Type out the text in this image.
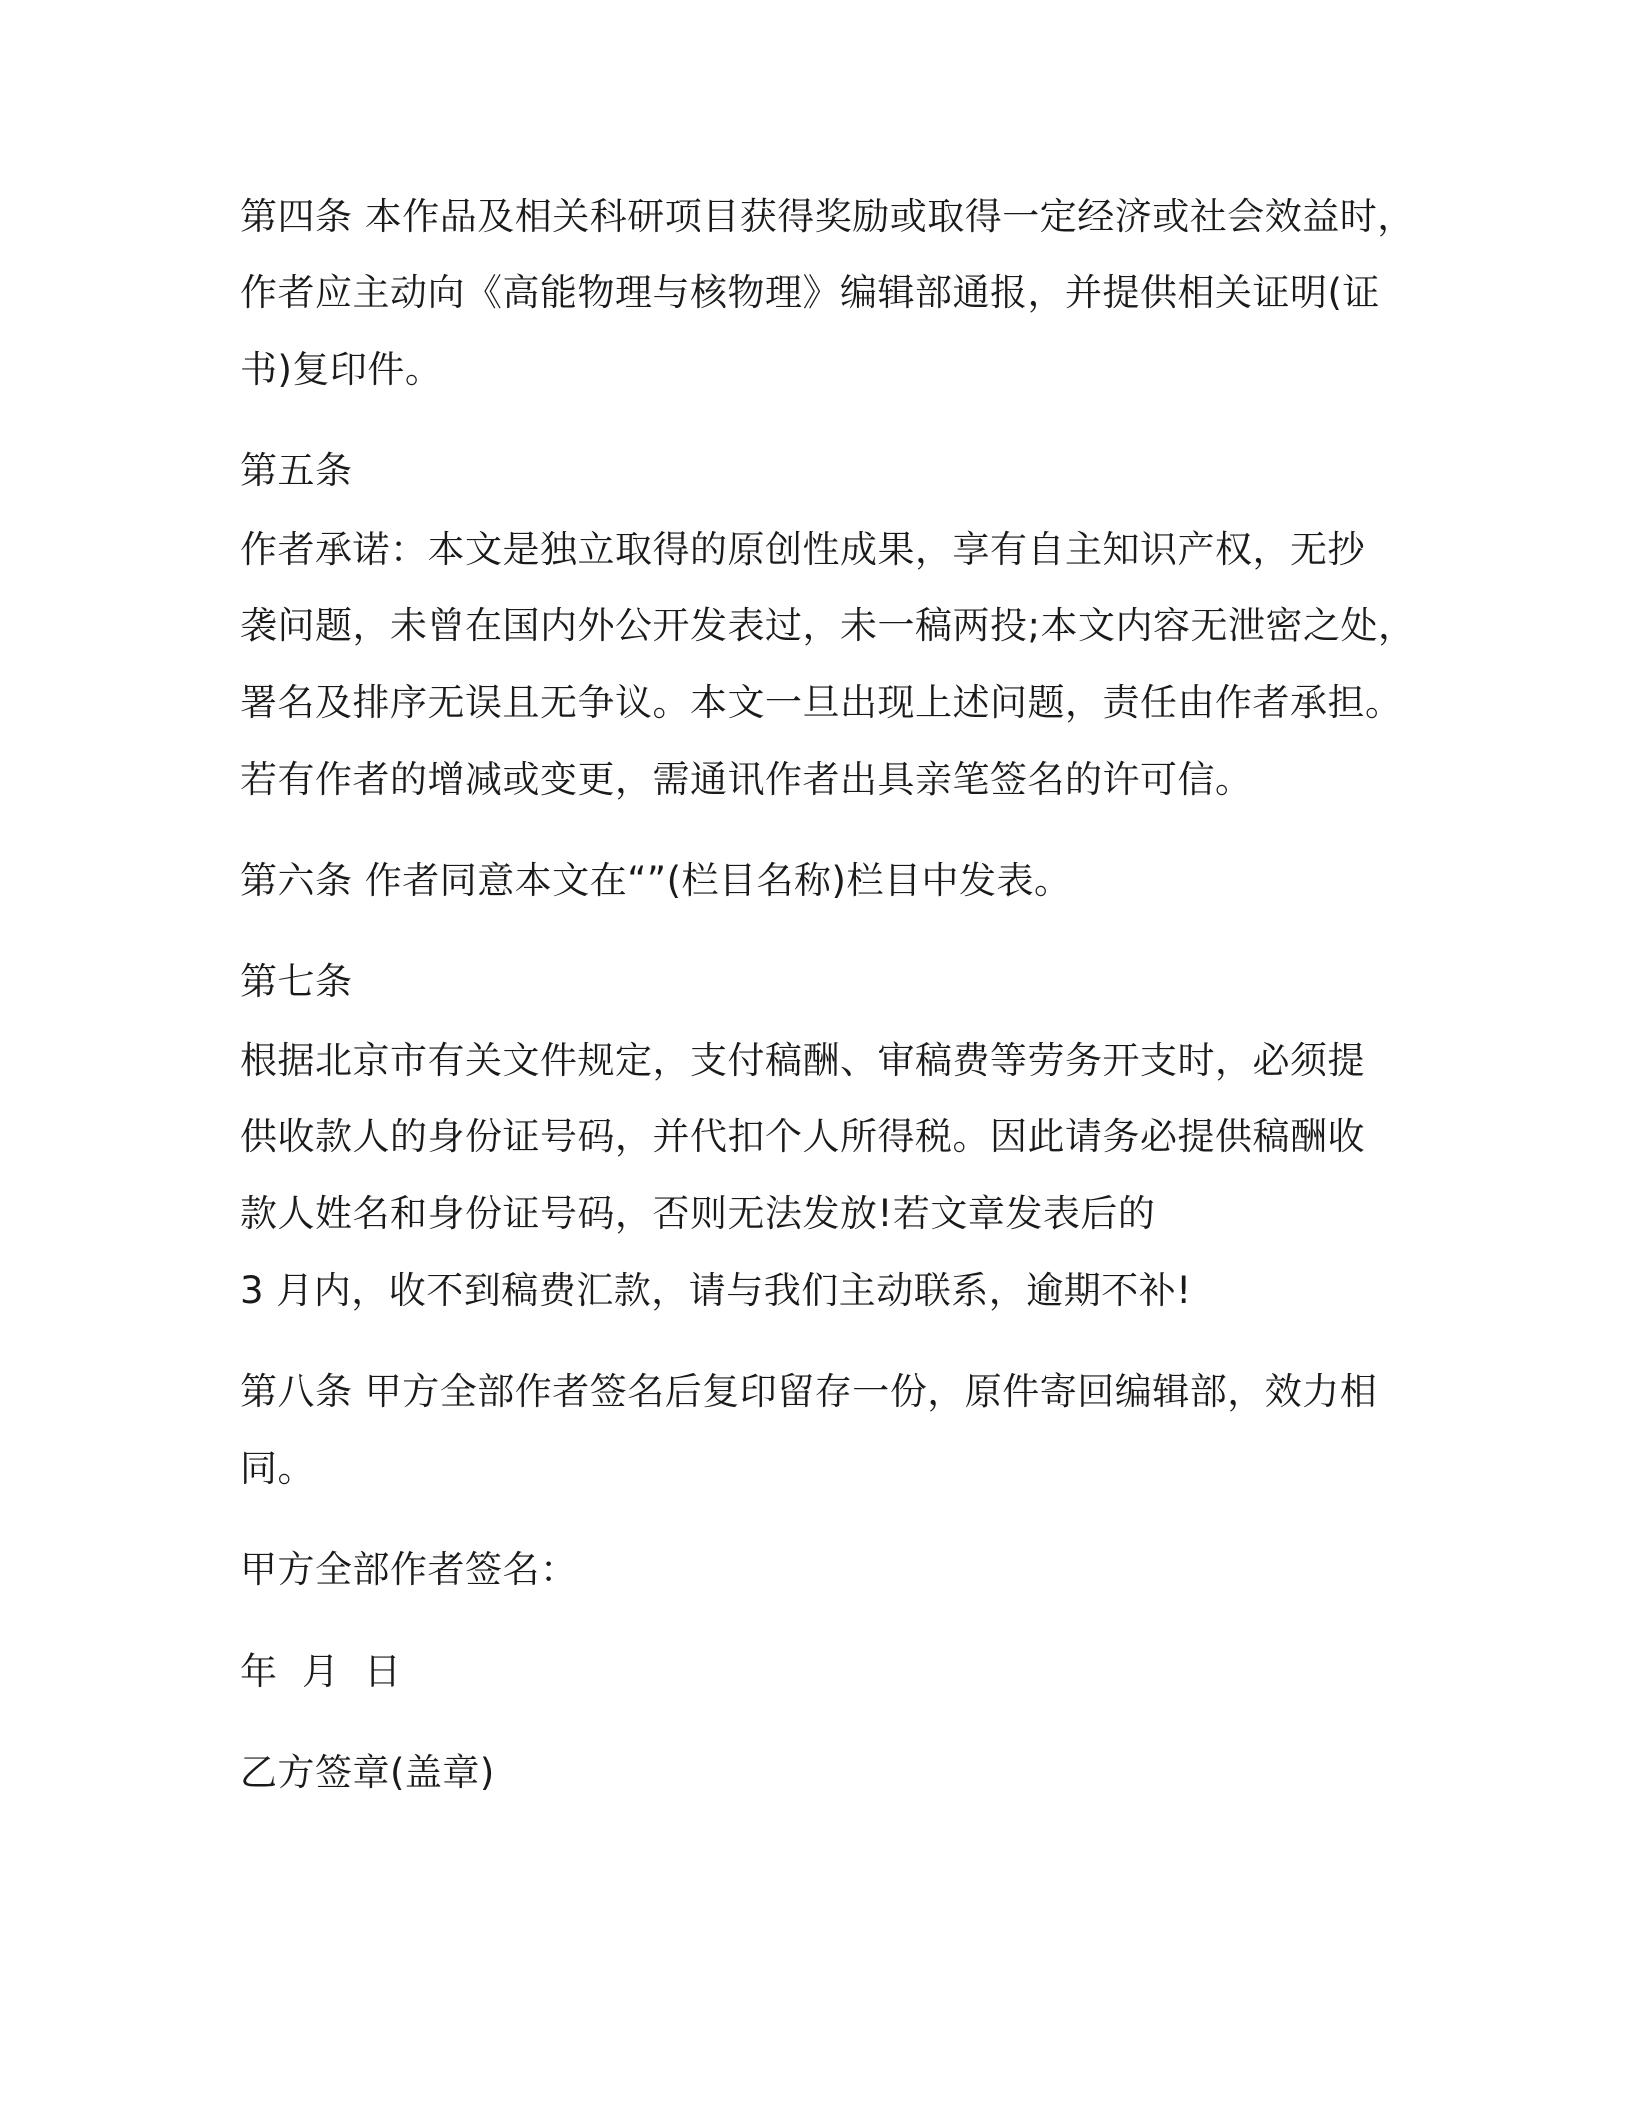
第四条 本作品及相关科研项目获得奖励或取得一定经济或社会效益时，
作者应主动向《高能物理与核物理》编辑部通报，并提供相关证明(证
书)复印件。
第五条
作者承诺：本文是独立取得的原创性成果，享有自主知识产权，无抄
袭问题，未曾在国内外公开发表过，未一稿两投;本文内容无泄密之处，
署名及排序无误且无争议。本文一旦出现上述问题，责任由作者承担。
若有作者的增减或变更，需通讯作者出具亲笔签名的许可信。
第六条 作者同意本文在“”(栏目名称)栏目中发表。
第七条
根据北京市有关文件规定，支付稿酬、审稿费等劳务开支时，必须提
供收款人的身份证号码，并代扣个人所得税。因此请务必提供稿酬收
款人姓名和身份证号码，否则无法发放!若文章发表后的
3 月内，收不到稿费汇款，请与我们主动联系，逾期不补!
第八条 甲方全部作者签名后复印留存一份，原件寄回编辑部，效力相
同。
甲方全部作者签名：
年  月  日
乙方签章(盖章)
